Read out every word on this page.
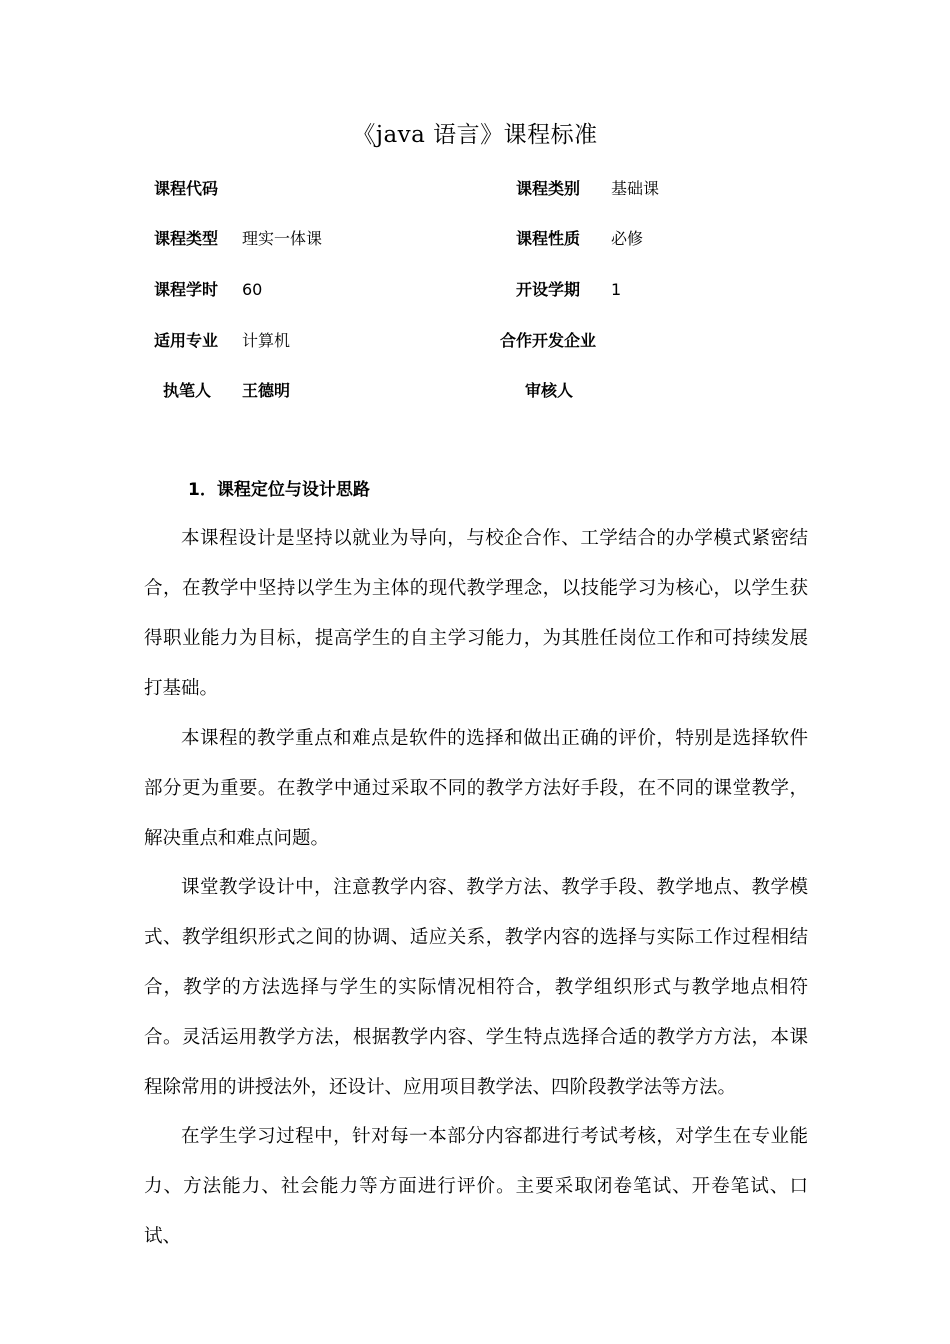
《java 语言》课程标准
课程代码	课程类别 基础课
课程类型 理实一体课	课程性质 必修
课程学时 60	开设学期 1
适用专业 计算机	合作开发企业
执笔人 王德明	审核人
1．课程定位与设计思路
本课程设计是坚持以就业为导向，与校企合作、工学结合的办学模式紧密结合，在教学中坚持以学生为主体的现代教学理念，以技能学习为核心，以学生获得职业能力为目标，提高学生的自主学习能力，为其胜任岗位工作和可持续发展打基础。
本课程的教学重点和难点是软件的选择和做出正确的评价，特别是选择软件部分更为重要。在教学中通过采取不同的教学方法好手段，在不同的课堂教学，解决重点和难点问题。
课堂教学设计中，注意教学内容、教学方法、教学手段、教学地点、教学模式、教学组织形式之间的协调、适应关系，教学内容的选择与实际工作过程相结合，教学的方法选择与学生的实际情况相符合，教学组织形式与教学地点相符合。灵活运用教学方法，根据教学内容、学生特点选择合适的教学方方法，本课程除常用的讲授法外，还设计、应用项目教学法、四阶段教学法等方法。
在学生学习过程中，针对每一本部分内容都进行考试考核，对学生在专业能力、方法能力、社会能力等方面进行评价。主要采取闭卷笔试、开卷笔试、口试、
